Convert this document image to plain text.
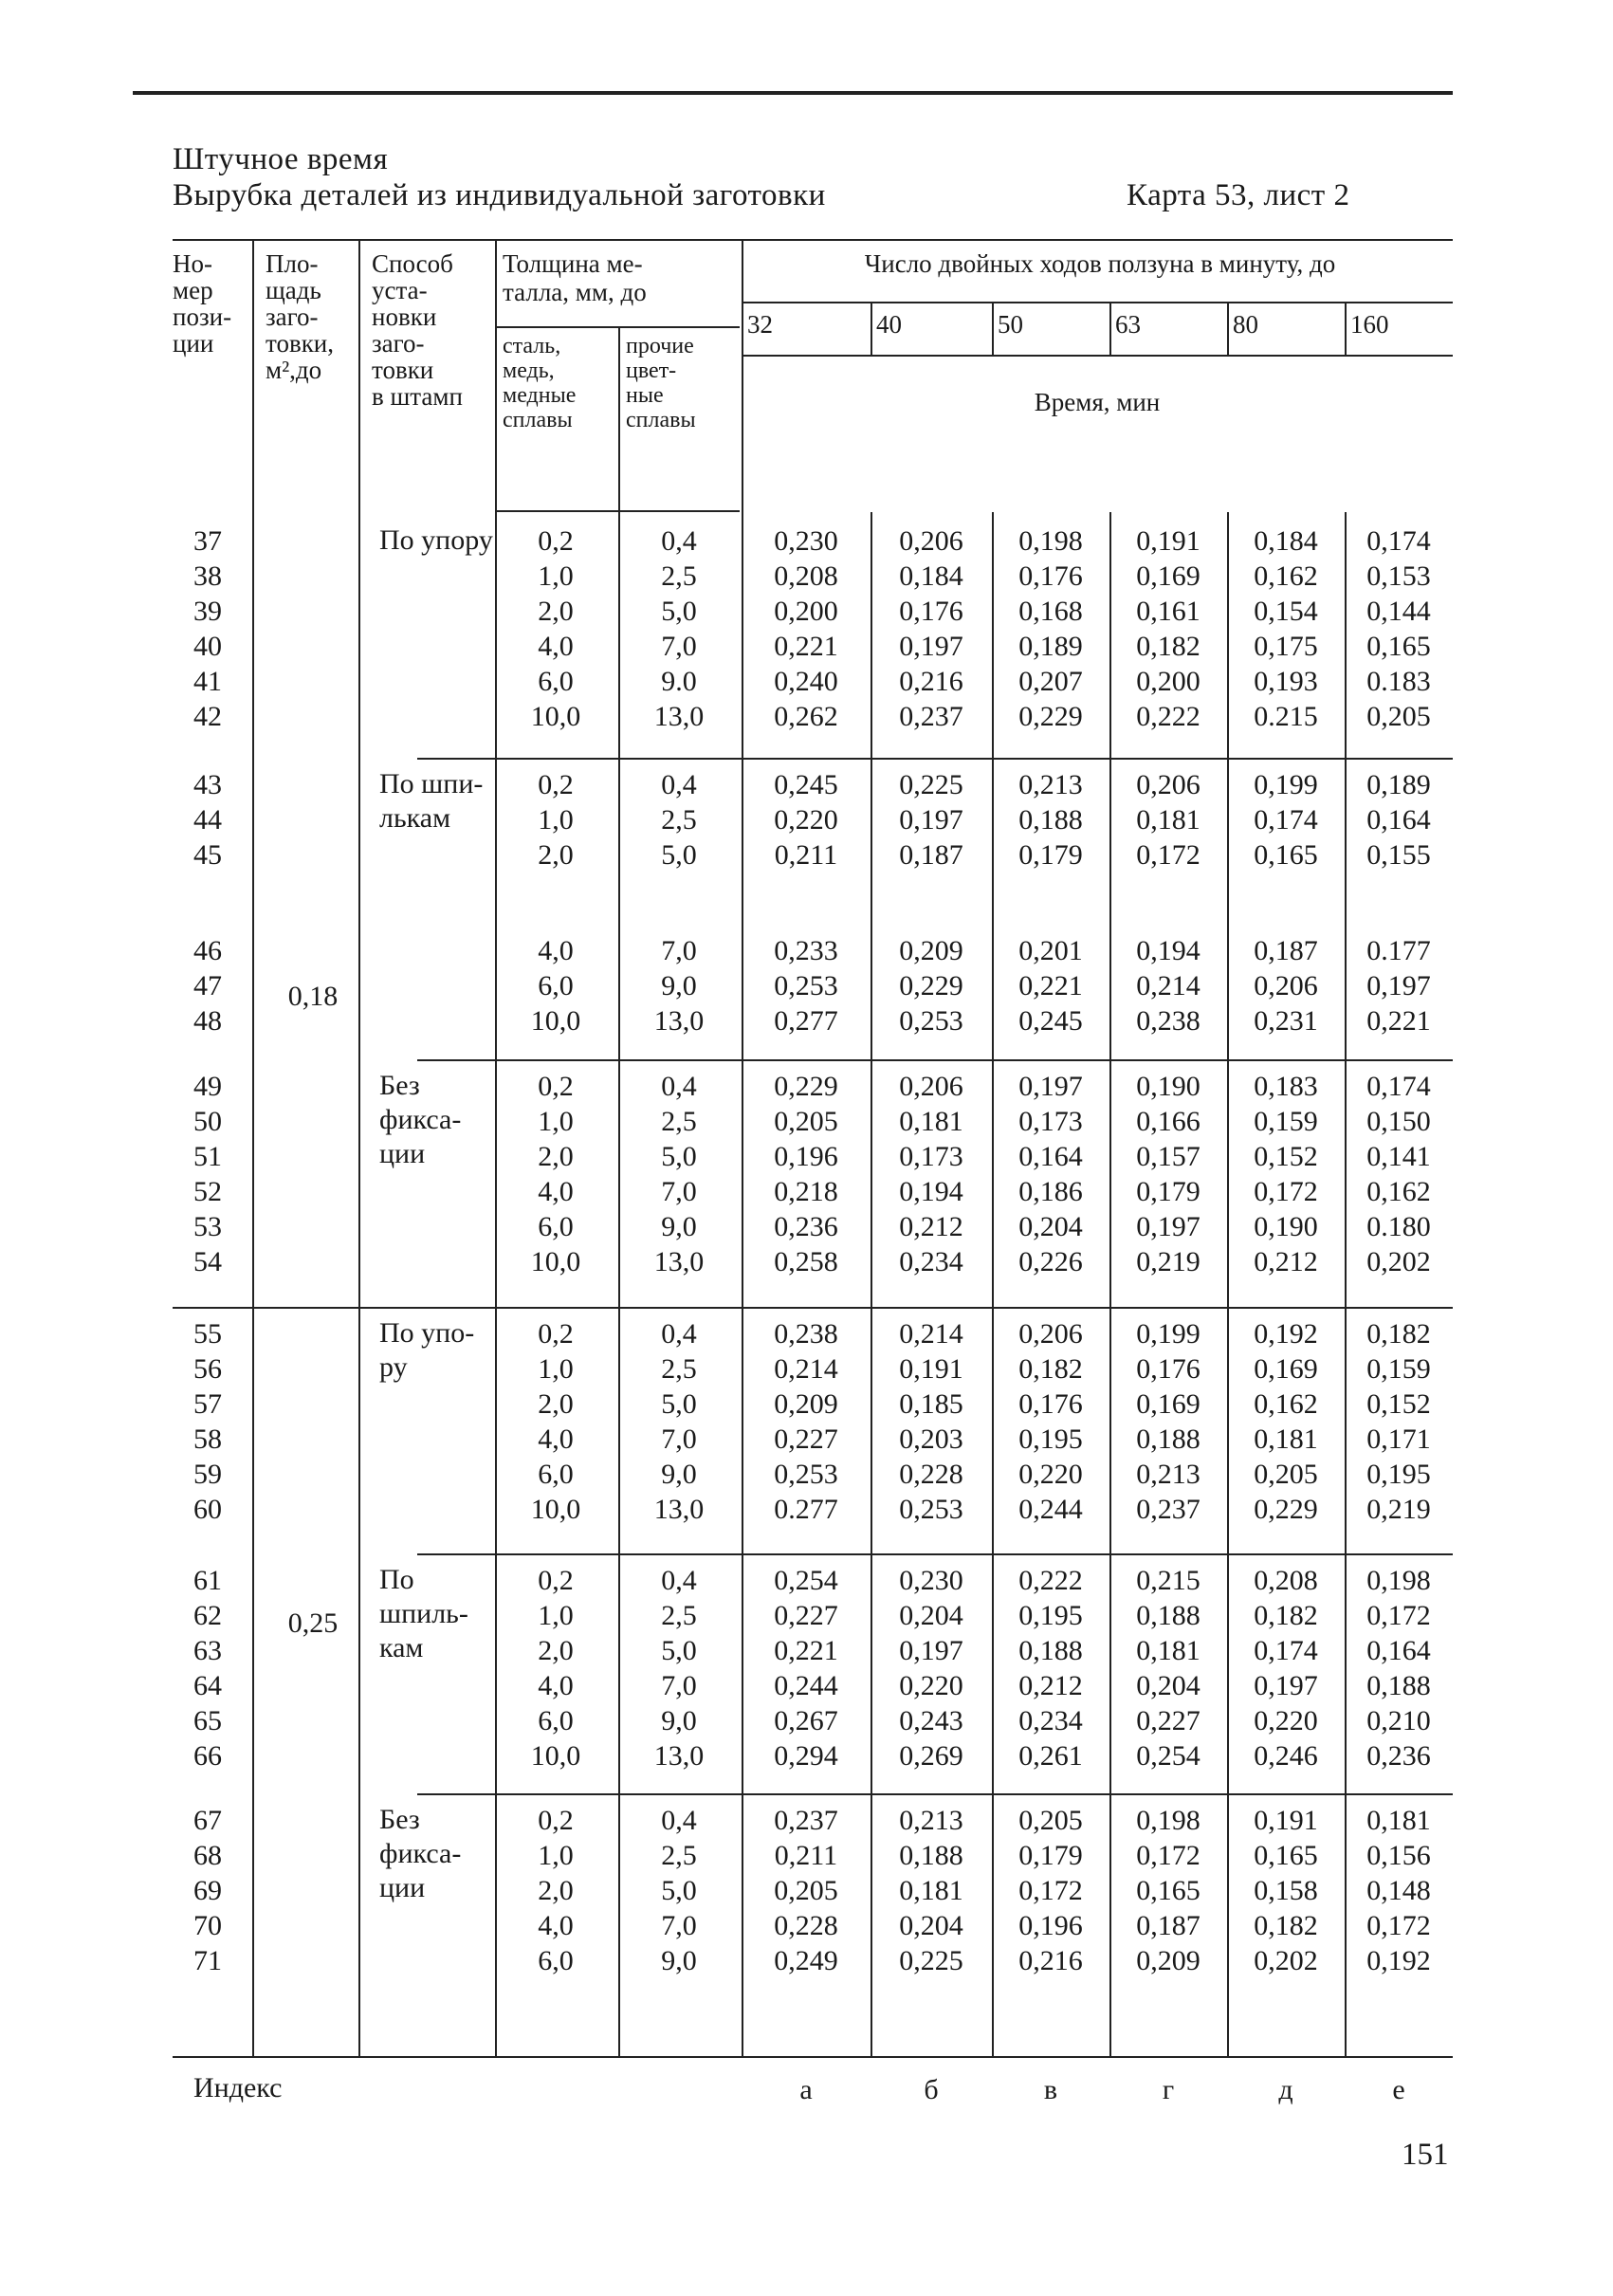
Штучное время
Вырубка деталей из индивидуальной заготовки	Карта 53, лист 2
Но-
мер
пози-
ции
Пло-
щадь
заго-
товки,
м²,до
Способ
уста-
новки
заго-
товки
в штамп
Толщина ме-
талла, мм, до
сталь,
медь,
медные
сплавы
прочие
цвет-
ные
сплавы
Число двойных ходов ползуна в минуту, до
32	40	50	63	80	160
Время, мин
По упору
37	0,2	0,4	0,230	0,206	0,198	0,191	0,184	0,174
38	1,0	2,5	0,208	0,184	0,176	0,169	0,162	0,153
39	2,0	5,0	0,200	0,176	0,168	0,161	0,154	0,144
40	4,0	7,0	0,221	0,197	0,189	0,182	0,175	0,165
41	6,0	9.0	0,240	0,216	0,207	0,200	0,193	0.183
42	10,0	13,0	0,262	0,237	0,229	0,222	0.215	0,205
По шпи-
лькам
43	0,2	0,4	0,245	0,225	0,213	0,206	0,199	0,189
44	1,0	2,5	0,220	0,197	0,188	0,181	0,174	0,164
45	2,0	5,0	0,211	0,187	0,179	0,172	0,165	0,155
46	4,0	7,0	0,233	0,209	0,201	0,194	0,187	0.177
47	6,0	9,0	0,253	0,229	0,221	0,214	0,206	0,197
48	10,0	13,0	0,277	0,253	0,245	0,238	0,231	0,221
Без
фикса-
ции
49	0,2	0,4	0,229	0,206	0,197	0,190	0,183	0,174
50	1,0	2,5	0,205	0,181	0,173	0,166	0,159	0,150
51	2,0	5,0	0,196	0,173	0,164	0,157	0,152	0,141
52	4,0	7,0	0,218	0,194	0,186	0,179	0,172	0,162
53	6,0	9,0	0,236	0,212	0,204	0,197	0,190	0.180
54	10,0	13,0	0,258	0,234	0,226	0,219	0,212	0,202
По упо-
ру
55	0,2	0,4	0,238	0,214	0,206	0,199	0,192	0,182
56	1,0	2,5	0,214	0,191	0,182	0,176	0,169	0,159
57	2,0	5,0	0,209	0,185	0,176	0,169	0,162	0,152
58	4,0	7,0	0,227	0,203	0,195	0,188	0,181	0,171
59	6,0	9,0	0,253	0,228	0,220	0,213	0,205	0,195
60	10,0	13,0	0.277	0,253	0,244	0,237	0,229	0,219
По
шпиль-
кам
61	0,2	0,4	0,254	0,230	0,222	0,215	0,208	0,198
62	1,0	2,5	0,227	0,204	0,195	0,188	0,182	0,172
63	2,0	5,0	0,221	0,197	0,188	0,181	0,174	0,164
64	4,0	7,0	0,244	0,220	0,212	0,204	0,197	0,188
65	6,0	9,0	0,267	0,243	0,234	0,227	0,220	0,210
66	10,0	13,0	0,294	0,269	0,261	0,254	0,246	0,236
Без
фикса-
ции
67	0,2	0,4	0,237	0,213	0,205	0,198	0,191	0,181
68	1,0	2,5	0,211	0,188	0,179	0,172	0,165	0,156
69	2,0	5,0	0,205	0,181	0,172	0,165	0,158	0,148
70	4,0	7,0	0,228	0,204	0,196	0,187	0,182	0,172
71	6,0	9,0	0,249	0,225	0,216	0,209	0,202	0,192
0,18
0,25
Индекс	а	б	в	г	д	е
151
